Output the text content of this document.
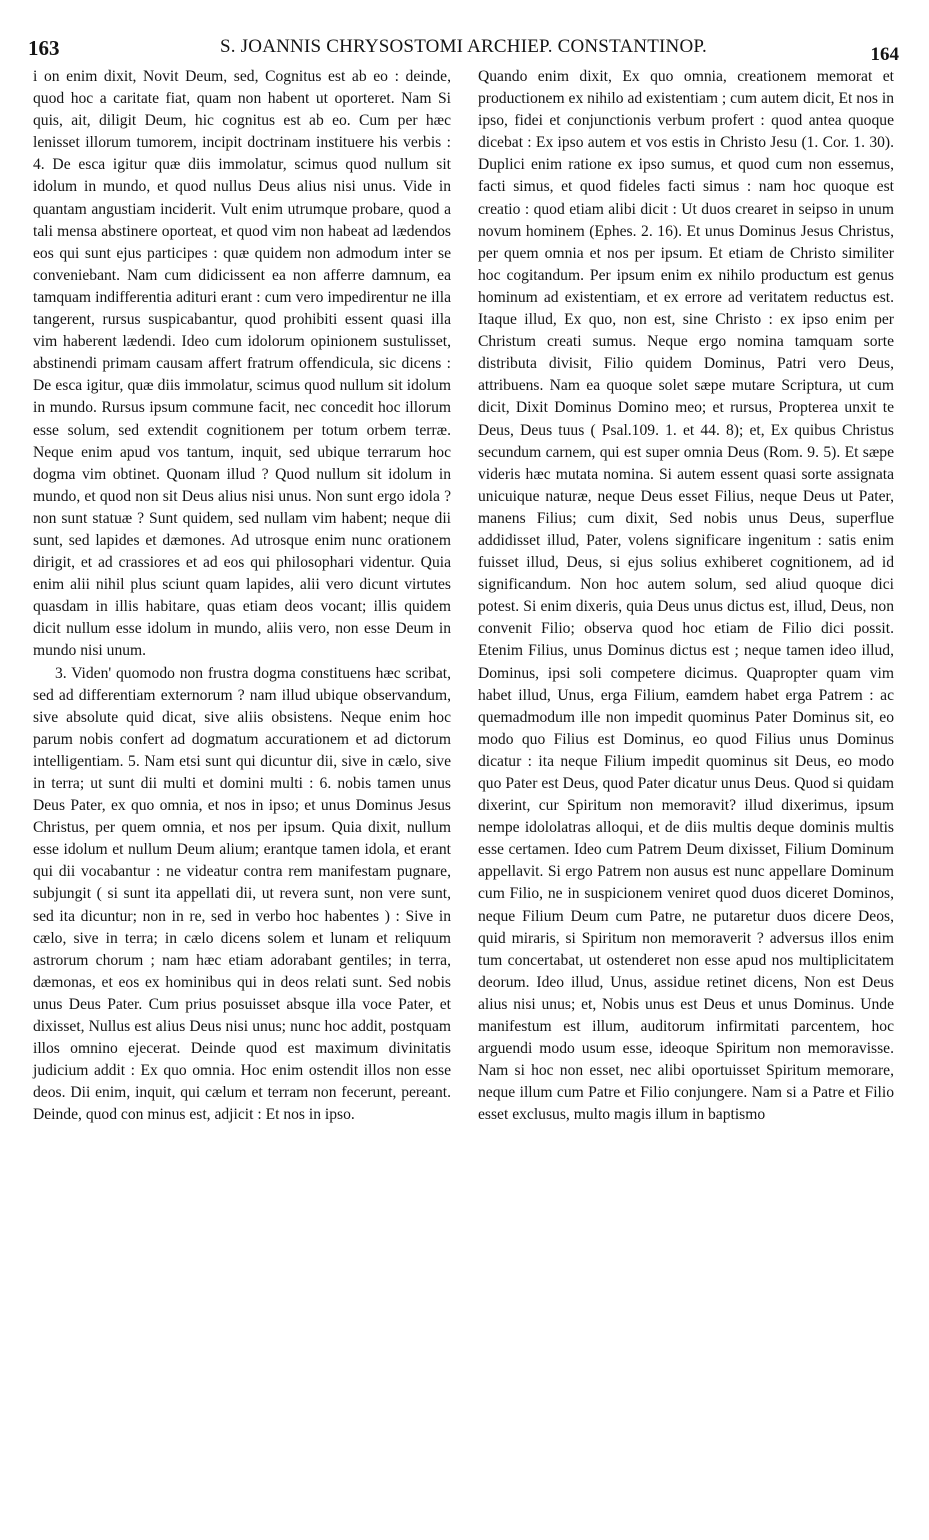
163	S. JOANNIS CHRYSOSTOMI ARCHIEP. CONSTANTINOP.	164

i on enim dixit, Novit Deum, sed, Cognitus est ab eo : deinde, quod hoc a caritate fiat, quam non habent ut oporteret. Nam Si quis, ait, diligit Deum, hic cognitus est ab eo. Cum per hæc lenisset illorum tumorem, incipit doctrinam instituere his verbis : 4. De esca igitur quæ diis immolatur, scimus quod nullum sit idolum in mundo, et quod nullus Deus alius nisi unus. Vide in quantam angustiam inciderit. Vult enim utrumque probare, quod a tali mensa abstinere oporteat, et quod vim non habeat ad lædendos eos qui sunt ejus participes : quæ quidem non admodum inter se conveniebant. Nam cum didicissent ea non afferre damnum, ea tamquam indifferentia adituri erant : cum vero impedirentur ne illa tangerent, rursus suspicabantur, quod prohibiti essent quasi illa vim haberent lædendi. Ideo cum idolorum opinionem sustulisset, abstinendi primam causam affert fratrum offendicula, sic dicens : De esca igitur, quæ diis immolatur, scimus quod nullum sit idolum in mundo. Rursus ipsum commune facit, nec concedit hoc illorum esse solum, sed extendit cognitionem per totum orbem terræ. Neque enim apud vos tantum, inquit, sed ubique terrarum hoc dogma vim obtinet. Quonam illud ? Quod nullum sit idolum in mundo, et quod non sit Deus alius nisi unus. Non sunt ergo idola ? non sunt statuæ ? Sunt quidem, sed nullam vim habent; neque dii sunt, sed lapides et dæmones. Ad utrosque enim nunc orationem dirigit, et ad crassiores et ad eos qui philosophari videntur. Quia enim alii nihil plus sciunt quam lapides, alii vero dicunt virtutes quasdam in illis habitare, quas etiam deos vocant; illis quidem dicit nullum esse idolum in mundo, aliis vero, non esse Deum in mundo nisi unum.

3. Viden' quomodo non frustra dogma constituens hæc scribat, sed ad differentiam externorum ? nam illud ubique observandum, sive absolute quid dicat, sive aliis obsistens. Neque enim hoc parum nobis confert ad dogmatum accurationem et ad dictorum intelligentiam. 5. Nam etsi sunt qui dicuntur dii, sive in cælo, sive in terra; ut sunt dii multi et domini multi : 6. nobis tamen unus Deus Pater, ex quo omnia, et nos in ipso; et unus Dominus Jesus Christus, per quem omnia, et nos per ipsum. Quia dixit, nullum esse idolum et nullum Deum alium; erantque tamen idola, et erant qui dii vocabantur : ne videatur contra rem manifestam pugnare, subjungit ( si sunt ita appellati dii, ut revera sunt, non vere sunt, sed ita dicuntur; non in re, sed in verbo hoc habentes ) : Sive in cælo, sive in terra; in cælo dicens solem et lunam et reliquum astrorum chorum ; nam hæc etiam adorabant gentiles; in terra, dæmonas, et eos ex hominibus qui in deos relati sunt. Sed nobis unus Deus Pater. Cum prius posuisset absque illa voce Pater, et dixisset, Nullus est alius Deus nisi unus; nunc hoc addit, postquam illos omnino ejecerat. Deinde quod est maximum divinitatis judicium addit : Ex quo omnia. Hoc enim ostendit illos non esse deos. Dii enim, inquit, qui cælum et terram non fecerunt, pereant. Deinde, quod con minus est, adjicit : Et nos in ipso.

Quando enim dixit, Ex quo omnia, creationem memorat et productionem ex nihilo ad existentiam ; cum autem dicit, Et nos in ipso, fidei et conjunctionis verbum profert : quod antea quoque dicebat : Ex ipso autem et vos estis in Christo Jesu (1. Cor. 1. 30). Duplici enim ratione ex ipso sumus, et quod cum non essemus, facti simus, et quod fideles facti simus : nam hoc quoque est creatio : quod etiam alibi dicit : Ut duos crearet in seipso in unum novum hominem (Ephes. 2. 16). Et unus Dominus Jesus Christus, per quem omnia et nos per ipsum. Et etiam de Christo similiter hoc cogitandum. Per ipsum enim ex nihilo productum est genus hominum ad existentiam, et ex errore ad veritatem reductus est. Itaque illud, Ex quo, non est, sine Christo : ex ipso enim per Christum creati sumus. Neque ergo nomina tamquam sorte distributa divisit, Filio quidem Dominus, Patri vero Deus, attribuens. Nam ea quoque solet sæpe mutare Scriptura, ut cum dicit, Dixit Dominus Domino meo; et rursus, Propterea unxit te Deus, Deus tuus ( Psal.109. 1. et 44. 8); et, Ex quibus Christus secundum carnem, qui est super omnia Deus (Rom. 9. 5). Et sæpe videris hæc mutata nomina. Si autem essent quasi sorte assignata unicuique naturæ, neque Deus esset Filius, neque Deus ut Pater, manens Filius; cum dixit, Sed nobis unus Deus, superflue addidisset illud, Pater, volens significare ingenitum : satis enim fuisset illud, Deus, si ejus solius exhiberet cognitionem, ad id significandum. Non hoc autem solum, sed aliud quoque dici potest. Si enim dixeris, quia Deus unus dictus est, illud, Deus, non convenit Filio; observa quod hoc etiam de Filio dici possit. Etenim Filius, unus Dominus dictus est ; neque tamen ideo illud, Dominus, ipsi soli competere dicimus. Quapropter quam vim habet illud, Unus, erga Filium, eamdem habet erga Patrem : ac quemadmodum ille non impedit quominus Pater Dominus sit, eo modo quo Filius est Dominus, eo quod Filius unus Dominus dicatur : ita neque Filium impedit quominus sit Deus, eo modo quo Pater est Deus, quod Pater dicatur unus Deus. Quod si quidam dixerint, cur Spiritum non memoravit? illud dixerimus, ipsum nempe idololatras alloqui, et de diis multis deque dominis multis esse certamen. Ideo cum Patrem Deum dixisset, Filium Dominum appellavit. Si ergo Patrem non ausus est nunc appellare Dominum cum Filio, ne in suspicionem veniret quod duos diceret Dominos, neque Filium Deum cum Patre, ne putaretur duos dicere Deos, quid miraris, si Spiritum non memoraverit ? adversus illos enim tum concertabat, ut ostenderet non esse apud nos multiplicitatem deorum. Ideo illud, Unus, assidue retinet dicens, Non est Deus alius nisi unus; et, Nobis unus est Deus et unus Dominus. Unde manifestum est illum, auditorum infirmitati parcentem, hoc arguendi modo usum esse, ideoque Spiritum non memoravisse. Nam si hoc non esset, nec alibi oportuisset Spiritum memorare, neque illum cum Patre et Filio conjungere. Nam si a Patre et Filio esset exclusus, multo magis illum in baptismo
